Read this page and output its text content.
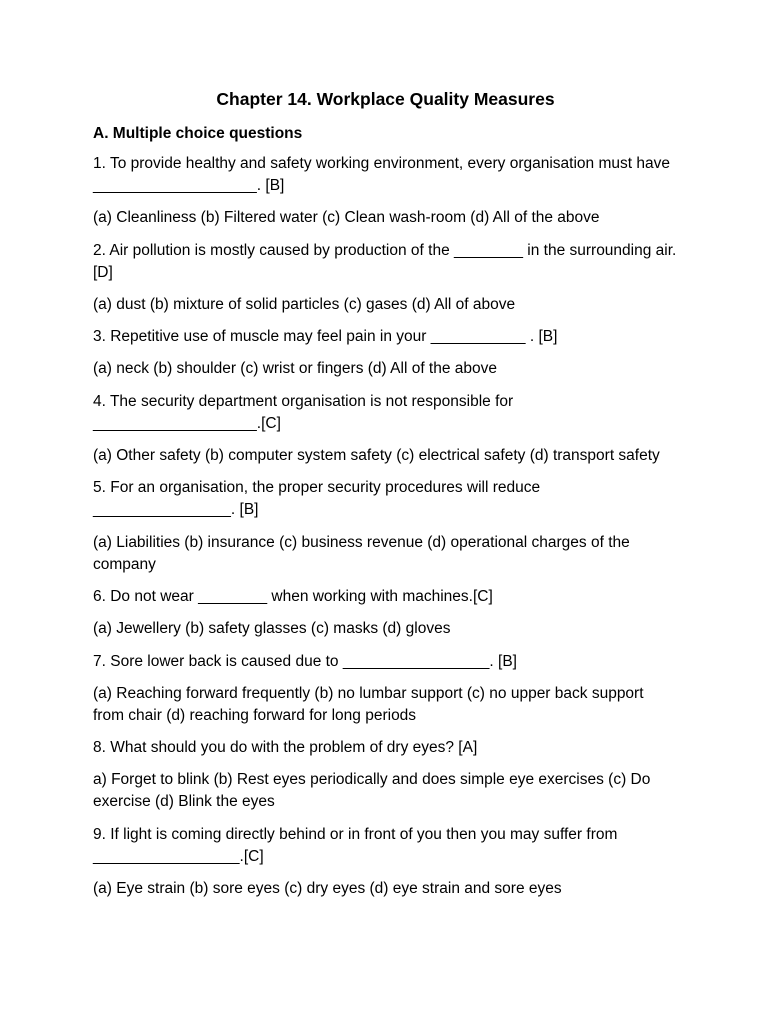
Chapter 14. Workplace Quality Measures
A. Multiple choice questions

1. To provide healthy and safety working environment, every organisation must have ___________________. [B]

(a) Cleanliness (b) Filtered water (c) Clean wash-room (d) All of the above

2. Air pollution is mostly caused by production of the ________ in the surrounding air. [D]

(a) dust (b) mixture of solid particles (c) gases (d) All of above

3. Repetitive use of muscle may feel pain in your ___________ . [B]

(a) neck (b) shoulder (c) wrist or fingers (d) All of the above

4. The security department organisation is not responsible for ___________________.[C]

(a) Other safety (b) computer system safety (c) electrical safety (d) transport safety

5. For an organisation, the proper security procedures will reduce ________________. [B]

(a) Liabilities (b) insurance (c) business revenue (d) operational charges of the company

6. Do not wear ________ when working with machines.[C]

(a) Jewellery (b) safety glasses (c) masks (d) gloves

7. Sore lower back is caused due to _________________. [B]

(a) Reaching forward frequently (b) no lumbar support (c) no upper back support from chair (d) reaching forward for long periods

8. What should you do with the problem of dry eyes? [A]

a) Forget to blink (b) Rest eyes periodically and does simple eye exercises (c) Do exercise (d) Blink the eyes

9. If light is coming directly behind or in front of you then you may suffer from _________________.[C]

(a) Eye strain (b) sore eyes (c) dry eyes (d) eye strain and sore eyes
